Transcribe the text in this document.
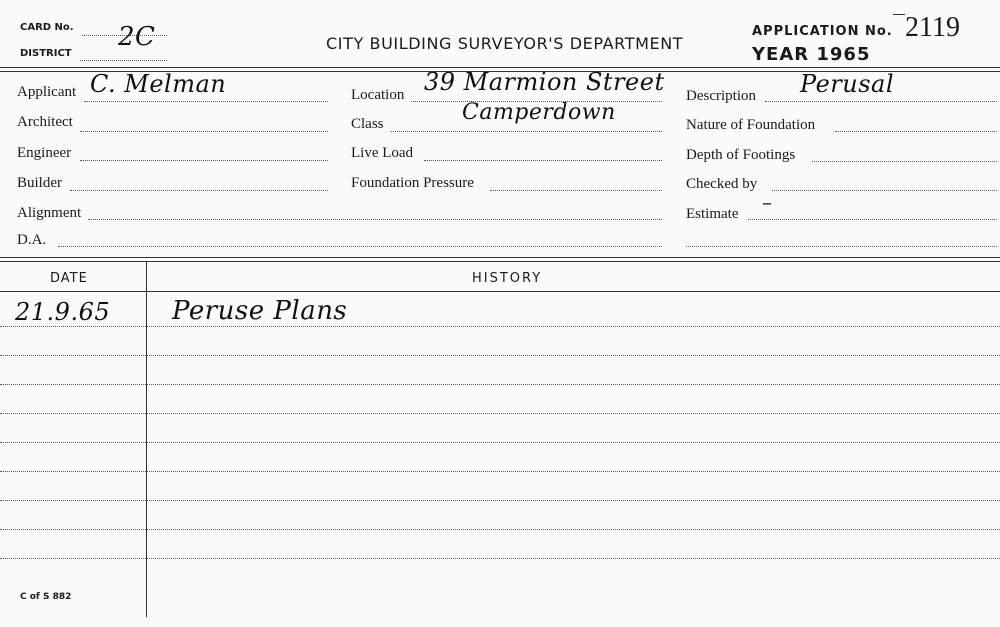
CARD No. 2C
DISTRICT
CITY BUILDING SURVEYOR'S DEPARTMENT
APPLICATION No. 2119
YEAR 1965
Applicant C. Melman
Architect
Engineer
Builder
Alignment
D.A.
Location 39 Marmion Street
Class	Camperdown
Live Load
Foundation Pressure
Description Perusal
Nature of Foundation
Depth of Footings
Checked by
Estimate –
DATE	HISTORY
21.9.65 Peruse Plans
C of S 882
